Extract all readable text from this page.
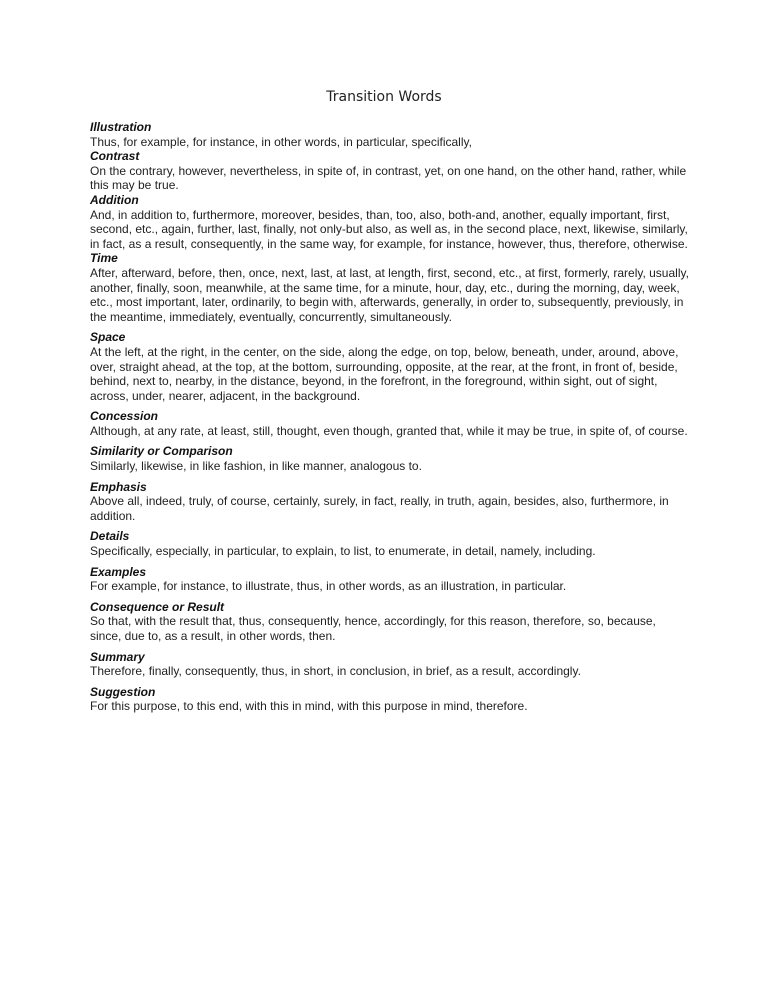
Transition Words
Illustration
Thus, for example, for instance, in other words, in particular, specifically,
Contrast
On the contrary, however, nevertheless, in spite of, in contrast, yet, on one hand, on the other hand, rather, while this may be true.
Addition
And, in addition to, furthermore, moreover, besides, than, too, also, both-and, another, equally important, first, second, etc., again, further, last, finally, not only-but also, as well as, in the second place, next, likewise, similarly, in fact, as a result, consequently, in the same way, for example, for instance, however, thus, therefore, otherwise.
Time
After, afterward, before, then, once, next, last, at last, at length, first, second, etc., at first, formerly, rarely, usually, another, finally, soon, meanwhile, at the same time, for a minute, hour, day, etc., during the morning, day, week, etc., most important, later, ordinarily, to begin with, afterwards, generally, in order to, subsequently, previously, in the meantime, immediately, eventually, concurrently, simultaneously.
Space
At the left, at the right, in the center, on the side, along the edge, on top, below, beneath, under, around, above, over, straight ahead, at the top, at the bottom, surrounding, opposite, at the rear, at the front, in front of, beside, behind, next to, nearby, in the distance, beyond, in the forefront, in the foreground, within sight, out of sight, across, under, nearer, adjacent, in the background.
Concession
Although, at any rate, at least, still, thought, even though, granted that, while it may be true, in spite of, of course.
Similarity or Comparison
Similarly, likewise, in like fashion, in like manner, analogous to.
Emphasis
Above all, indeed, truly, of course, certainly, surely, in fact, really, in truth, again, besides, also, furthermore, in addition.
Details
Specifically, especially, in particular, to explain, to list, to enumerate, in detail, namely, including.
Examples
For example, for instance, to illustrate, thus, in other words, as an illustration, in particular.
Consequence or Result
So that, with the result that, thus, consequently, hence, accordingly, for this reason, therefore, so, because, since, due to, as a result, in other words, then.
Summary
Therefore, finally, consequently, thus, in short, in conclusion, in brief, as a result, accordingly.
Suggestion
For this purpose, to this end, with this in mind, with this purpose in mind, therefore.
